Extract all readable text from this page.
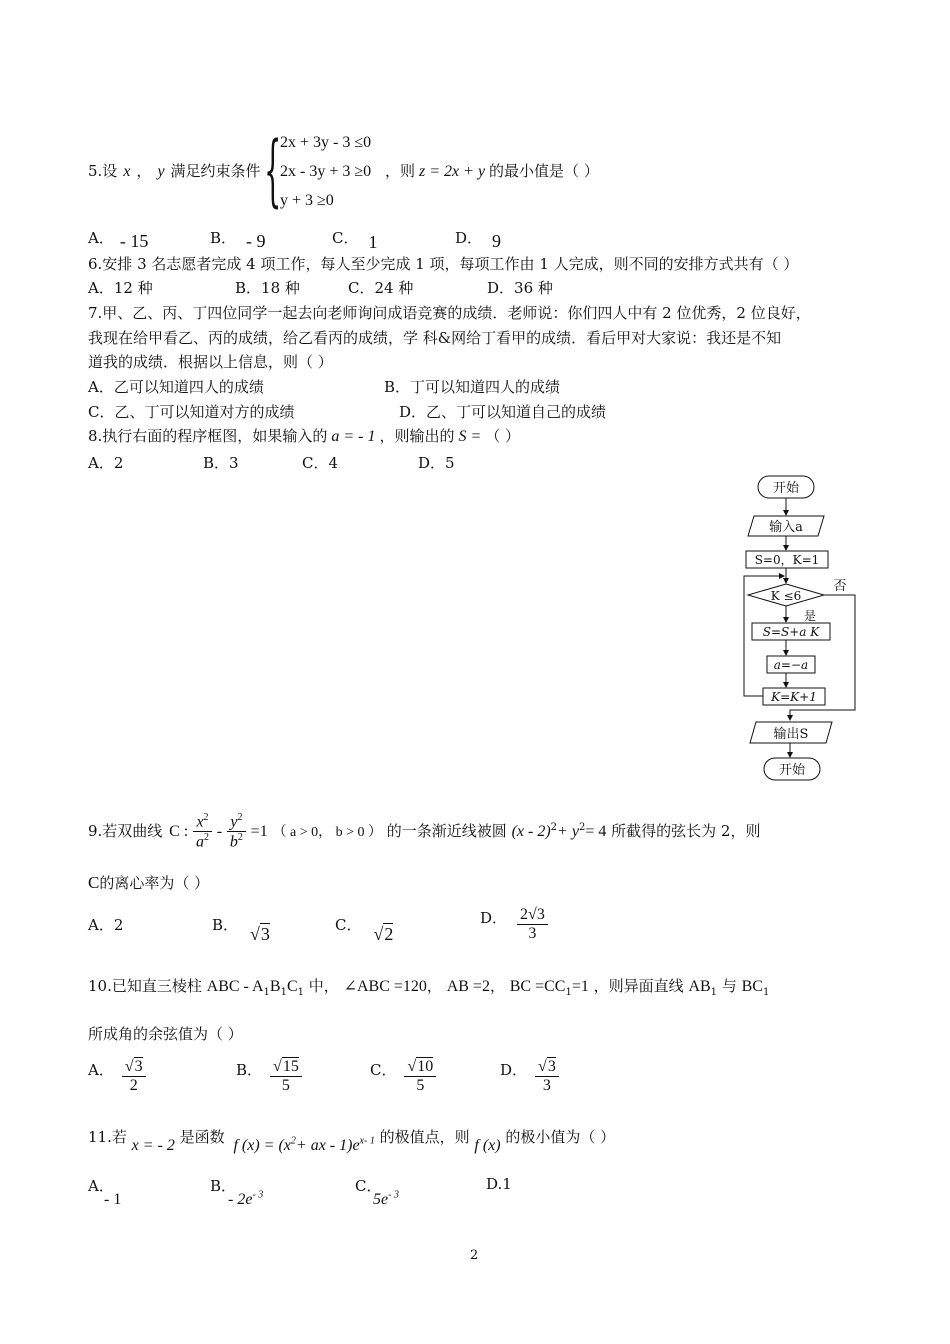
5.设 x ， y 满足约束条件 {
2x + 3y - 3 ≤0
2x - 3y + 3 ≥0
y + 3 ≥0
，则 z = 2x + y 的最小值是（ ）
A． - 15	B． - 9	C． 1	D． 9
6.安排 3 名志愿者完成 4 项工作，每人至少完成 1 项，每项工作由 1 人完成，则不同的安排方式共有（ ）
A．12 种	B．18 种	C．24 种	D．36 种
7.甲、乙、丙、丁四位同学一起去向老师询问成语竞赛的成绩．老师说：你们四人中有 2 位优秀，2 位良好，
我现在给甲看乙、丙的成绩，给乙看丙的成绩，学 科&网给丁看甲的成绩．看后甲对大家说：我还是不知
道我的成绩．根据以上信息，则（ ）
A．乙可以知道四人的成绩	B．丁可以知道四人的成绩
C．乙、丁可以知道对方的成绩	D．乙、丁可以知道自己的成绩
8.执行右面的程序框图，如果输入的 a = - 1 ，则输出的 S = （ ）
A．2	B．3	C．4	D．5
开始
输入a
S=0，K=1
K ≤6
否
是
S=S+a K
a=−a
K=K+1
输出S
开始
9.若双曲线 C : $\frac{x^2}{a^2} - \frac{y^2}{b^2} =1$ （ a > 0， b > 0 ） 的一条渐近线被圆 $(x - 2)^2+ y^2= 4$ 所截得的弦长为 2，则
C的离心率为（ ）
A．2	B． √3	C． √2
D． $\frac{2√3}{3}$
10.已知直三棱柱 ABC - $A_1B_1C_1$ 中， ∠ABC =120， AB =2， BC $=CC_1=1$ ，则异面直线 $AB_1$ 与 $BC_1$
所成角的余弦值为（ ）
A． $\frac{√3}{2}$	B． $\frac{√15}{5}$	C． $\frac{√10}{5}$	D． $\frac{√3}{3}$
11.若 x = - 2 是函数 f $(x) = (x^2+$ ax - $1)e^{x- 1}$ 的极值点，则 f (x) 的极小值为（ ）
A．
- 1
B．
- $2e^{- 3}$
C．
$5e^{- 3}$
D.1
2
